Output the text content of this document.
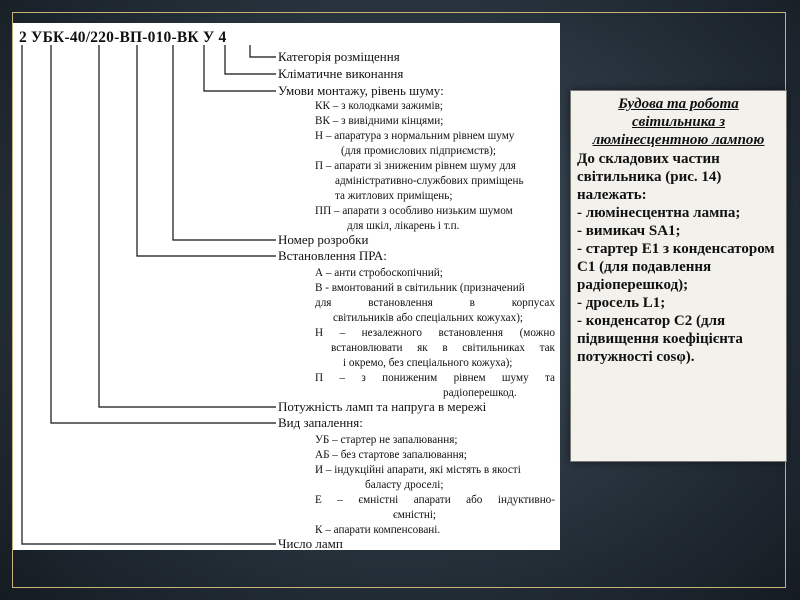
2 УБК-40/220-ВП-010-ВК У 4
Категорія розміщення
Кліматичне виконання
Умови монтажу, рівень шуму:
КК – з колодками зажимів;
ВК – з вивідними кінцями;
Н – апаратура з нормальним рівнем шуму
(для промислових підприємств);
П – апарати зі зниженим рівнем шуму для
адміністративно-службових приміщень
та житлових приміщень;
ПП – апарати з особливо низьким шумом
для шкіл, лікарень і т.п.
Номер розробки
Встановлення ПРА:
А – анти стробоскопічний;
В - вмонтований в світильник (призначений
для встановлення в корпусах
світильників або спеціальних кожухах);
Н – незалежного встановлення (можно
встановлювати як в світильниках так
і окремо, без спеціального кожуха);
П – з пониженим рівнем шуму та
радіоперешкод.
Потужність ламп та напруга в мережі
Вид запалення:
УБ – стартер не запалювання;
АБ – без стартове запалювання;
И – індукційні апарати, які містять в якості
баласту дроселі;
Е – ємністні апарати або індуктивно-
ємністні;
К – апарати компенсовані.
Число ламп
Будова та робота світильника з люмінесцентною лампою
До складових частин світильника (рис. 14) належать:
- люмінесцентна лампа;
- вимикач SA1;
- стартер Е1 з конденсатором С1 (для подавлення радіоперешкод);
- дросель L1;
- конденсатор С2 (для підвищення коефіцієнта потужності cosφ).
